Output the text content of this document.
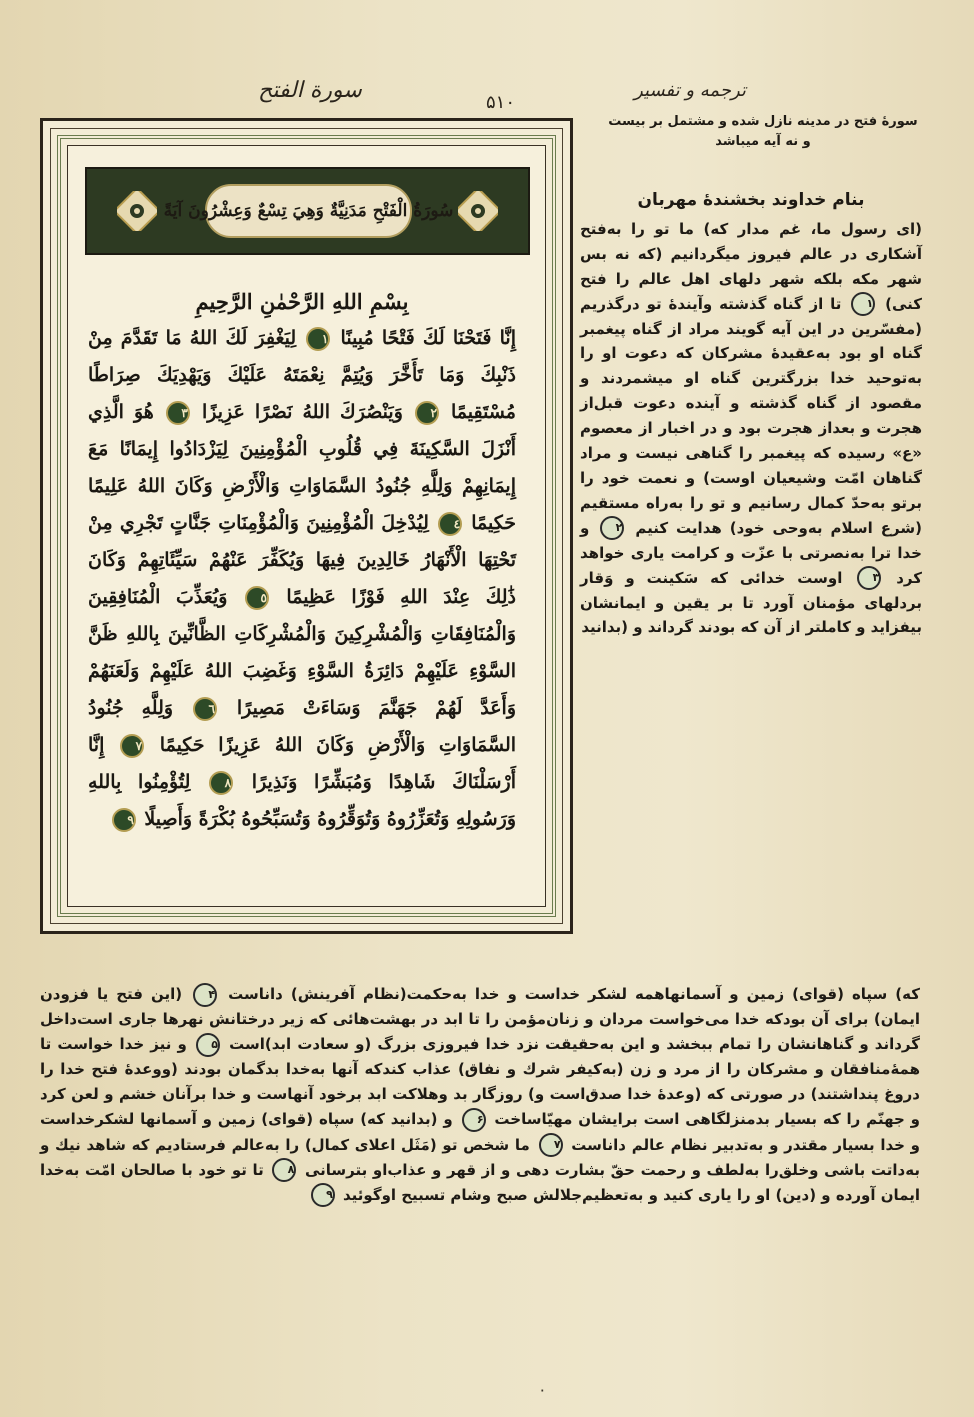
سورة الفتح	۵۱۰
ترجمه و تفسیر
سورهٔ فتح در مدینه نازل شده و مشتمل بر بیست و نه آیه میباشد
سُورَةُ الْفَتْحِ مَدَنِيَّةٌ وَهِيَ تِسْعٌ وَعِشْرُونَ آيَةً
بِسْمِ اللهِ الرَّحْمٰنِ الرَّحِيمِ
إِنَّا فَتَحْنَا لَكَ فَتْحًا مُبِينًا ١ لِيَغْفِرَ لَكَ اللهُ مَا تَقَدَّمَ مِنْ ذَنْبِكَ وَمَا تَأَخَّرَ وَيُتِمَّ نِعْمَتَهُ عَلَيْكَ وَيَهْدِيَكَ صِرَاطًا مُسْتَقِيمًا ٢ وَيَنْصُرَكَ اللهُ نَصْرًا عَزِيزًا ٣ هُوَ الَّذِي أَنْزَلَ السَّكِينَةَ فِي قُلُوبِ الْمُؤْمِنِينَ لِيَزْدَادُوا إِيمَانًا مَعَ إِيمَانِهِمْ وَلِلَّهِ جُنُودُ السَّمَاوَاتِ وَالْأَرْضِ وَكَانَ اللهُ عَلِيمًا حَكِيمًا ٤ لِيُدْخِلَ الْمُؤْمِنِينَ وَالْمُؤْمِنَاتِ جَنَّاتٍ تَجْرِي مِنْ تَحْتِهَا الْأَنْهَارُ خَالِدِينَ فِيهَا وَيُكَفِّرَ عَنْهُمْ سَيِّئَاتِهِمْ وَكَانَ ذَٰلِكَ عِنْدَ اللهِ فَوْزًا عَظِيمًا ٥ وَيُعَذِّبَ الْمُنَافِقِينَ وَالْمُنَافِقَاتِ وَالْمُشْرِكِينَ وَالْمُشْرِكَاتِ الظَّانِّينَ بِاللهِ ظَنَّ السَّوْءِ عَلَيْهِمْ دَائِرَةُ السَّوْءِ وَغَضِبَ اللهُ عَلَيْهِمْ وَلَعَنَهُمْ وَأَعَدَّ لَهُمْ جَهَنَّمَ وَسَاءَتْ مَصِيرًا ٦ وَلِلَّهِ جُنُودُ السَّمَاوَاتِ وَالْأَرْضِ وَكَانَ اللهُ عَزِيزًا حَكِيمًا ٧ إِنَّا أَرْسَلْنَاكَ شَاهِدًا وَمُبَشِّرًا وَنَذِيرًا ٨ لِتُؤْمِنُوا بِاللهِ وَرَسُولِهِ وَتُعَزِّرُوهُ وَتُوَقِّرُوهُ وَتُسَبِّحُوهُ بُكْرَةً وَأَصِيلًا ٩
بنام خداوند بخشندهٔ مهربان
(ای رسول ما، غم مدار که) ما تو را به‌فتح آشکاری در عالم فیروز میگردانیم (که نه بس شهر مکه بلکه شهر دلهای اهل عالم را فتح کنی) ۱ تا از گناه گذشته وآیندهٔ تو درگذریم (مفسّرین در این آیه گویند مراد از گناه پیغمبر گناه او بود به‌عقیدهٔ مشرکان که دعوت او را به‌توحید خدا بزرگترین گناه او میشمردند و مقصود از گناه گذشته و آینده دعوت قبل‌از هجرت و بعداز هجرت بود و در اخبار از معصوم «ع» رسیده که پیغمبر را گناهی نیست و مراد گناهان امّت وشیعیان اوست) و نعمت خود را برتو به‌حدّ کمال رسانیم و تو را به‌راه مستقیم (شرع اسلام به‌وحی خود) هدایت کنیم ۲ و خدا ترا به‌نصرتی با عزّت و کرامت یاری خواهد کرد ۳ اوست خدائی که سَکینت و وَقار بردلهای مؤمنان آورد تا بر یقین و ایمانشان بیفزاید و کاملتر از آن که بودند گرداند و (بدانید
که) سپاه (قوای) زمین و آسمانها‌همه لشکر خداست و خدا به‌حکمت(نظام آفرینش) داناست ۴ (این فتح یا فزودن ایمان) برای آن بودکه خدا می‌خواست مردان و زنان‌مؤمن را تا ابد در بهشت‌هائی که زیر درختانش نهرها جاری است‌داخل گرداند و گناهانشان را تمام ببخشد و این به‌حقیقت نزد خدا فیروزی بزرگ (و سعادت ابد)است ۵ و نیز خدا خواست تا همهٔ‌منافقان و مشرکان را از مرد و زن (به‌کیفر شرك و نفاق) عذاب کندکه آنها به‌خدا بدگمان بودند (ووعدهٔ فتح خدا را دروغ پنداشتند) در صورتی که (وعدهٔ خدا صدق‌است و) روزگار بد وهلاکت ابد برخود آنهاست و خدا برآنان خشم و لعن کرد و جهنّم را که بسیار بدمنزلگاهی است برایشان مهیّا‌ساخت ۶ و (بدانید که) سپاه (قوای) زمین و آسمانها لشکرخداست و خدا بسیار مقتدر و به‌تدبیر نظام عالم داناست ۷ ما شخص تو (مَثَل اعلای کمال) را به‌عالم فرستادیم که شاهد نیك و به‌داتت باشی وخلق‌را به‌لطف و رحمت حقّ بشارت دهی و از قهر و عذاب‌او بترسانی ۸ تا تو خود با صالحان امّت به‌خدا ایمان آورده و (دین) او را یاری کنید و به‌تعظیم‌جلالش صبح وشام تسبیح اوگوئید ۹
۰
